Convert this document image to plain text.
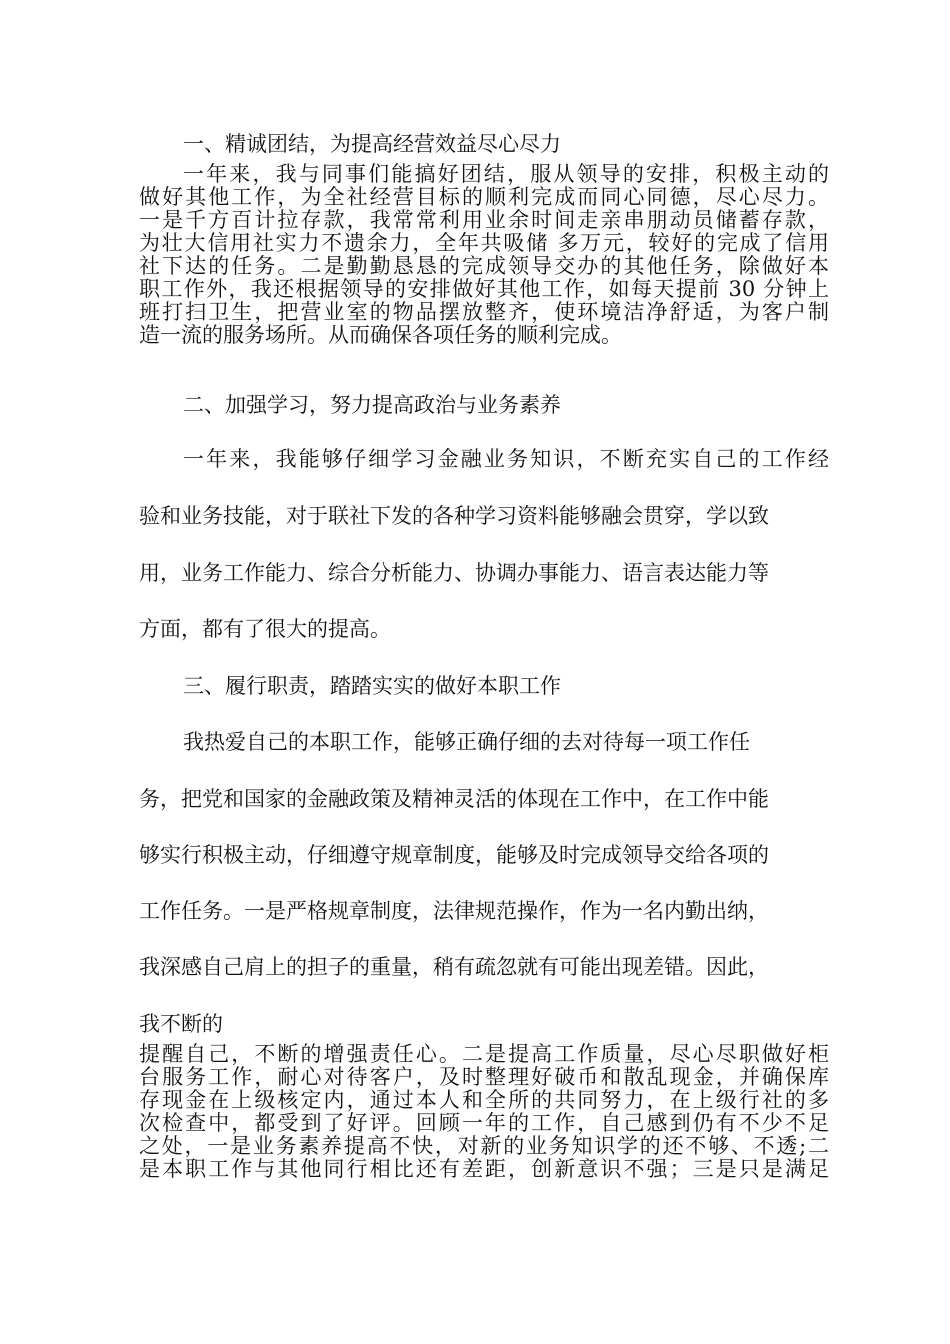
一、精诚团结，为提高经营效益尽心尽力
一年来，我与同事们能搞好团结，服从领导的安排，积极主动的
做好其他工作，为全社经营目标的顺利完成而同心同德，尽心尽力。
一是千方百计拉存款，我常常利用业余时间走亲串朋动员储蓄存款，
为壮大信用社实力不遗余力，全年共吸储 多万元，较好的完成了信用
社下达的任务。二是勤勤恳恳的完成领导交办的其他任务，除做好本
职工作外，我还根据领导的安排做好其他工作，如每天提前 30 分钟上
班打扫卫生，把营业室的物品摆放整齐，使环境洁净舒适，为客户制
造一流的服务场所。从而确保各项任务的顺利完成。
二、加强学习，努力提高政治与业务素养
一年来，我能够仔细学习金融业务知识，不断充实自己的工作经
验和业务技能，对于联社下发的各种学习资料能够融会贯穿，学以致
用，业务工作能力、综合分析能力、协调办事能力、语言表达能力等
方面，都有了很大的提高。
三、履行职责，踏踏实实的做好本职工作
我热爱自己的本职工作，能够正确仔细的去对待每一项工作任
务，把党和国家的金融政策及精神灵活的体现在工作中，在工作中能
够实行积极主动，仔细遵守规章制度，能够及时完成领导交给各项的
工作任务。一是严格规章制度，法律规范操作，作为一名内勤出纳，
我深感自己肩上的担子的重量，稍有疏忽就有可能出现差错。因此，
我不断的
提醒自己，不断的增强责任心。二是提高工作质量，尽心尽职做好柜
台服务工作，耐心对待客户，及时整理好破币和散乱现金，并确保库
存现金在上级核定内，通过本人和全所的共同努力，在上级行社的多
次检查中，都受到了好评。回顾一年的工作，自己感到仍有不少不足
之处，一是业务素养提高不快，对新的业务知识学的还不够、不透;二
是本职工作与其他同行相比还有差距，创新意识不强；三是只是满足
